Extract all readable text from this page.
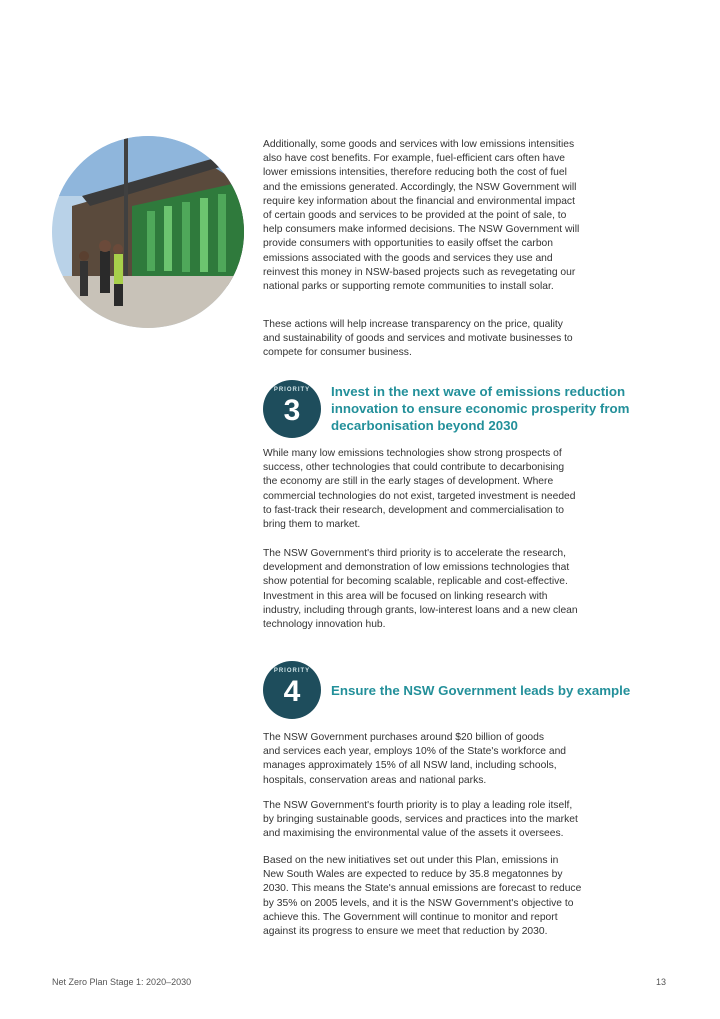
Additionally, some goods and services with low emissions intensities
also have cost benefits. For example, fuel-efficient cars often have
lower emissions intensities, therefore reducing both the cost of fuel
and the emissions generated. Accordingly, the NSW Government will
require key information about the financial and environmental impact
of certain goods and services to be provided at the point of sale, to
help consumers make informed decisions. The NSW Government will
provide consumers with opportunities to easily offset the carbon
emissions associated with the goods and services they use and
reinvest this money in NSW-based projects such as revegetating our
national parks or supporting remote communities to install solar.

These actions will help increase transparency on the price, quality
and sustainability of goods and services and motivate businesses to
compete for consumer business.

PRIORITY
3
Invest in the next wave of emissions reduction
innovation to ensure economic prosperity from
decarbonisation beyond 2030

While many low emissions technologies show strong prospects of
success, other technologies that could contribute to decarbonising
the economy are still in the early stages of development. Where
commercial technologies do not exist, targeted investment is needed
to fast-track their research, development and commercialisation to
bring them to market.

The NSW Government's third priority is to accelerate the research,
development and demonstration of low emissions technologies that
show potential for becoming scalable, replicable and cost-effective.
Investment in this area will be focused on linking research with
industry, including through grants, low-interest loans and a new clean
technology innovation hub.

PRIORITY
4	Ensure the NSW Government leads by example

The NSW Government purchases around $20 billion of goods
and services each year, employs 10% of the State's workforce and
manages approximately 15% of all NSW land, including schools,
hospitals, conservation areas and national parks.

The NSW Government's fourth priority is to play a leading role itself,
by bringing sustainable goods, services and practices into the market
and maximising the environmental value of the assets it oversees.

Based on the new initiatives set out under this Plan, emissions in
New South Wales are expected to reduce by 35.8 megatonnes by
2030. This means the State's annual emissions are forecast to reduce
by 35% on 2005 levels, and it is the NSW Government's objective to
achieve this. The Government will continue to monitor and report
against its progress to ensure we meet that reduction by 2030.

Net Zero Plan Stage 1: 2020–2030	13
